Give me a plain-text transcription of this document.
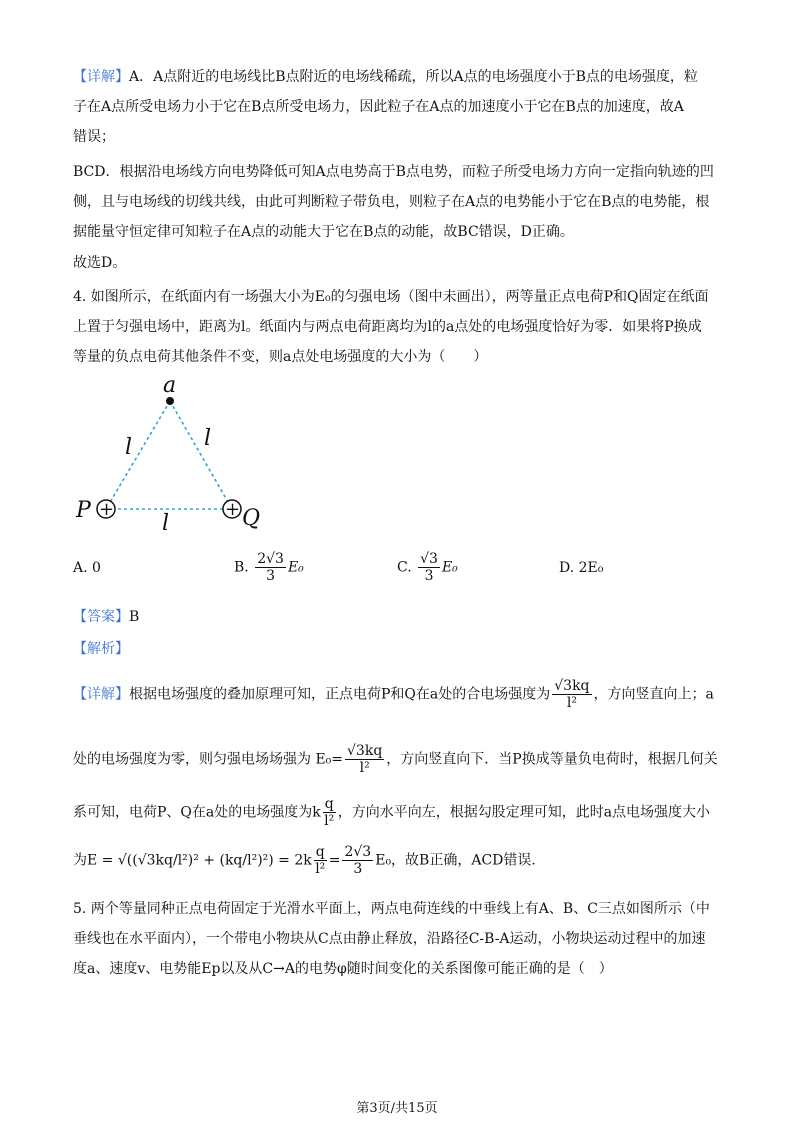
【详解】A．A点附近的电场线比B点附近的电场线稀疏，所以A点的电场强度小于B点的电场强度，粒
子在A点所受电场力小于它在B点所受电场力，因此粒子在A点的加速度小于它在B点的加速度，故A
错误；
BCD．根据沿电场线方向电势降低可知A点电势高于B点电势，而粒子所受电场力方向一定指向轨迹的凹
侧，且与电场线的切线共线，由此可判断粒子带负电，则粒子在A点的电势能小于它在B点的电势能，根
据能量守恒定律可知粒子在A点的动能大于它在B点的动能，故BC错误，D正确。
故选D。
4. 如图所示，在纸面内有一场强大小为E₀的匀强电场（图中未画出），两等量正点电荷P和Q固定在纸面
上置于匀强电场中，距离为l。纸面内与两点电荷距离均为l的a点处的电场强度恰好为零．如果将P换成
等量的负点电荷其他条件不变，则a点处电场强度的大小为（　　）
a
l	l
l
+	+
P	Q
A. 0	B. $\frac{2√3}{3} E_0$	C. $\frac{√3}{3} E_0$	D. 2E₀
【答案】B
【解析】
【详解】根据电场强度的叠加原理可知，正点电荷P和Q在a处的合电场强度为 $\frac{√3kq}{\text{l²}}$ ，方向竖直向上；a
处的电场强度为零，则匀强电场场强为 $E_0= \frac{√3kq}{\text{l²}}$ ，方向竖直向下．当P换成等量负电荷时，根据几何关
系可知，电荷P、Q在a处的电场强度为k $\frac{q}{\text{l²}}$ ，方向水平向左，根据勾股定理可知，此时a点电场强度大小
为$E = √((√3kq/l^2)^2 + (kq/l^2)^2) = 2k \frac{q}{\text{l²}} = \frac{2√3}{3} E_0$，故B正确，ACD错误.
5. 两个等量同种正点电荷固定于光滑水平面上，两点电荷连线的中垂线上有A、B、C三点如图所示（中
垂线也在水平面内），一个带电小物块从C点由静止释放，沿路径C-B-A运动，小物块运动过程中的加速
度a、速度v、电势能Ep以及从C→A的电势φ随时间变化的关系图像可能正确的是（　）
第3页/共15页
